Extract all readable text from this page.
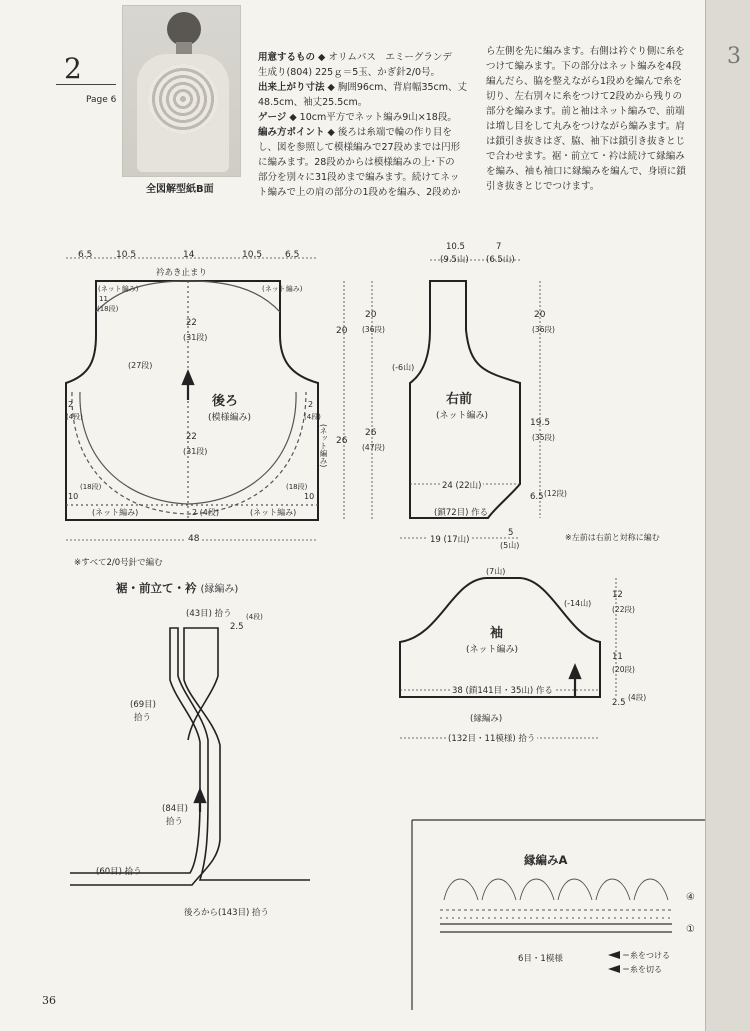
3
2
Page 6
全図解型紙B面
用意するもの ◆ オリムパス　エミーグランデ
生成り(804) 225ｇ＝5玉、かぎ針2/0号。
出来上がり寸法 ◆ 胸囲96cm、背肩幅35cm、丈
48.5cm、袖丈25.5cm。
ゲージ ◆ 10cm平方でネット編み9山×18段。
編み方ポイント ◆ 後ろは糸端で輪の作り目を
し、図を参照して模様編みで27段めまでは円形
に編みます。28段めからは模様編みの上･下の
部分を別々に31段めまで編みます。続けてネッ
ト編みで上の肩の部分の1段めを編み、2段めか
ら左側を先に編みます。右側は衿ぐり側に糸を
つけて編みます。下の部分はネット編みを4段
編んだら、脇を整えながら1段めを編んで糸を
切り、左右別々に糸をつけて2段めから残りの
部分を編みます。前と袖はネット編みで、前端
は増し目をして丸みをつけながら編みます。肩
は鎖引き抜きはぎ、脇、袖下は鎖引き抜きとじ
で合わせます。裾・前立て・衿は続けて縁編み
を編み、袖も袖口に縁編みを編んで、身頃に鎖
引き抜きとじでつけます。
6.5	10.5	14	10.5	6.5
衿あき止まり
(ネット編み)
11
(18段)
(ネット編み)
22
(31段)
(27段)
後ろ
(模様編み)
2
(4段)
2
(4段)
22
(31段)	(ネット編み)
10
(18段)
10
(18段)
(ネット編み)	(ネット編み)
2 (4段)
20
20
(36段)
26
26
(47段)
48
※すべて2/0号針で編む
10.5
(9.5山)
7
(6.5山)
(-6山)
右前
(ネット編み)
20
(36段)
19.5
(35段)
24 (22山)
(鎖72目) 作る
6.5 (12段)
19 (17山)
5
(5山)
※左前は右前と対称に編む
裾・前立て・衿 (縁編み)
(43目) 拾う
2.5
(4段)
(69目)
拾う
(84目)
拾う
(60目) 拾う
後ろから(143目) 拾う
(7山)
(-14山)
袖
(ネット編み)
12
(22段)
11
(20段)
2.5
(4段)
38 (鎖141目・35山) 作る
(縁編み)
(132目・11模様) 拾う
縁編みA
④
①
6目・1模様	＝糸をつける
＝糸を切る
36
